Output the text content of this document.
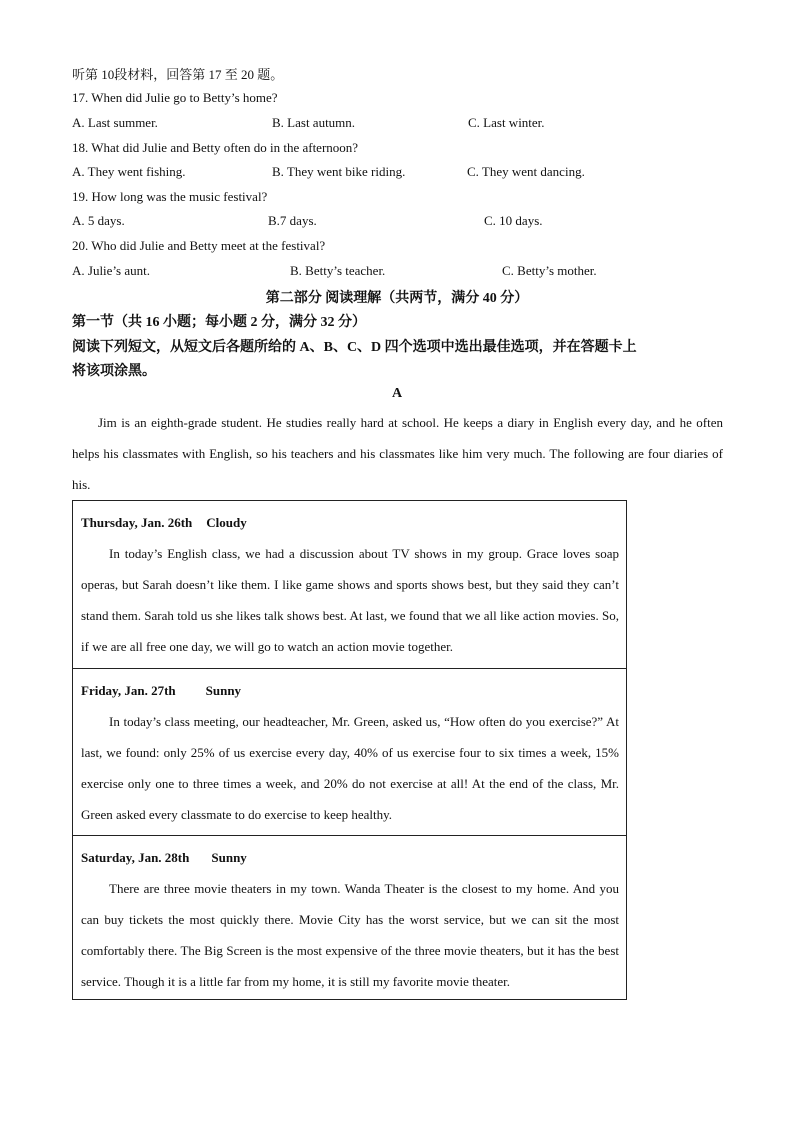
听第 10段材料，回答第 17 至 20 题。
17. When did Julie go to Betty’s home?
A. Last summer.	B. Last autumn.	C. Last winter.
18. What did Julie and Betty often do in the afternoon?
A. They went fishing.	B. They went bike riding.	C. They went dancing.
19. How long was the music festival?
A. 5 days.	B.7 days.	C. 10 days.
20. Who did Julie and Betty meet at the festival?
A. Julie’s aunt.	B. Betty’s teacher.	C. Betty’s mother.
第二部分 阅读理解（共两节，满分 40 分）
第一节（共 16 小题；每小题 2 分，满分 32 分）
阅读下列短文，从短文后各题所给的 A、B、C、D 四个选项中选出最佳选项，并在答题卡上
将该项涂黑。
A
Jim is an eighth-grade student. He studies really hard at school. He keeps a diary in English every day, and he often helps his classmates with English, so his teachers and his classmates like him very much. The following are four diaries of his.
Thursday, Jan. 26th Cloudy
In today’s English class, we had a discussion about TV shows in my group. Grace loves soap operas, but Sarah doesn’t like them. I like game shows and sports shows best, but they said they can’t stand them. Sarah told us she likes talk shows best. At last, we found that we all like action movies. So, if we are all free one day, we will go to watch an action movie together.
Friday, Jan. 27th Sunny
In today’s class meeting, our headteacher, Mr. Green, asked us, “How often do you exercise?” At last, we found: only 25% of us exercise every day, 40% of us exercise four to six times a week, 15% exercise only one to three times a week, and 20% do not exercise at all! At the end of the class, Mr. Green asked every classmate to do exercise to keep healthy.
Saturday, Jan. 28th Sunny
There are three movie theaters in my town. Wanda Theater is the closest to my home. And you can buy tickets the most quickly there. Movie City has the worst service, but we can sit the most comfortably there. The Big Screen is the most expensive of the three movie theaters, but it has the best service. Though it is a little far from my home, it is still my favorite movie theater.
